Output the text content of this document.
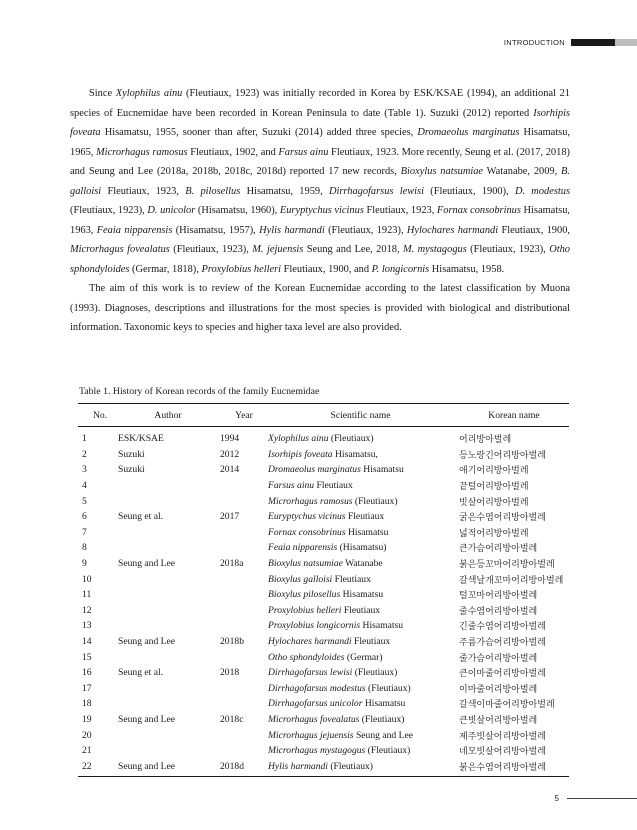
INTRODUCTION

Since Xylophilus ainu (Fleutiaux, 1923) was initially recorded in Korea by ESK/KSAE (1994), an additional 21 species of Eucnemidae have been recorded in Korean Peninsula to date (Table 1). Suzuki (2012) reported Isorhipis foveata Hisamatsu, 1955, sooner than after, Suzuki (2014) added three species, Dromaeolus marginatus Hisamatsu, 1965, Microrhagus ramosus Fleutiaux, 1902, and Farsus ainu Fleutiaux, 1923. More recently, Seung et al. (2017, 2018) and Seung and Lee (2018a, 2018b, 2018c, 2018d) reported 17 new records, Bioxylus natsumiae Watanabe, 2009, B. galloisi Fleutiaux, 1923, B. pilosellus Hisamatsu, 1959, Dirrhagofarsus lewisi (Fleutiaux, 1900), D. modestus (Fleutiaux, 1923), D. unicolor (Hisamatsu, 1960), Euryptychus vicinus Fleutiaux, 1923, Fornax consobrinus Hisamatsu, 1963, Feaia nipparensis (Hisamatsu, 1957), Hylis harmandi (Fleutiaux, 1923), Hylochares harmandi Fleutiaux, 1900, Microrhagus fovealatus (Fleutiaux, 1923), M. jejuensis Seung and Lee, 2018, M. mystagogus (Fleutiaux, 1923), Otho sphondyloides (Germar, 1818), Proxylobius helleri Fleutiaux, 1900, and P. longicornis Hisamatsu, 1958.

The aim of this work is to review of the Korean Eucnemidae according to the latest classification by Muona (1993). Diagnoses, descriptions and illustrations for the most species is provided with biological and distributional information. Taxonomic keys to species and higher taxa level are also provided.

Table 1. History of Korean records of the family Eucnemidae
No.	Author	Year	Scientific name	Korean name
1	ESK/KSAE	1994	Xylophilus ainu (Fleutiaux)	어리방아벌레
2	Suzuki	2012	Isorhipis foveata Hisamatsu,	등노랑긴어리방아벌레
3	Suzuki	2014	Dromaeolus marginatus Hisamatsu	애기어리방아벌레
4			Farsus ainu Fleutiaux	끝털어리방아벌레
5			Microrhagus ramosus (Fleutiaux)	빗살어리방아벌레
6	Seung et al.	2017	Euryptychus vicinus Fleutiaux	굵은수염어리방아벌레
7			Fornax consobrinus Hisamatsu	넓적어리방아벌레
8			Feaia nipparensis (Hisamatsu)	큰가슴어리방아벌레
9	Seung and Lee	2018a	Bioxylus natsumiae Watanabe	붉은등꼬마어리방아벌레
10			Bioxylus galloisi Fleutiaux	갈색날개꼬마어리방아벌레
11			Bioxylus pilosellus Hisamatsu	털꼬마어리방아벌레
12			Proxylobius helleri Fleutiaux	줄수염어리방아벌레
13			Proxylobius longicornis Hisamatsu	긴줄수염어리방아벌레
14	Seung and Lee	2018b	Hylochares harmandi Fleutiaux	주름가슴어리방아벌레
15			Otho sphondyloides (Germar)	줄가슴어리방아벌레
16	Seung et al.	2018	Dirrhagofarsus lewisi (Fleutiaux)	큰이마줄어리방아벌레
17			Dirrhagofarsus modestus (Fleutiaux)	이마줄어리방아벌레
18			Dirrhagofarsus unicolor Hisamatsu	갈색이마줄어리방아벌레
19	Seung and Lee	2018c	Microrhagus fovealatus (Fleutiaux)	큰빗살어리방아벌레
20			Microrhagus jejuensis Seung and Lee	제주빗살어리방아벌레
21			Microrhagus mystagogus (Fleutiaux)	네모빗살어리방아벌레
22	Seung and Lee	2018d	Hylis harmandi (Fleutiaux)	붉은수염어리방아벌레
5
